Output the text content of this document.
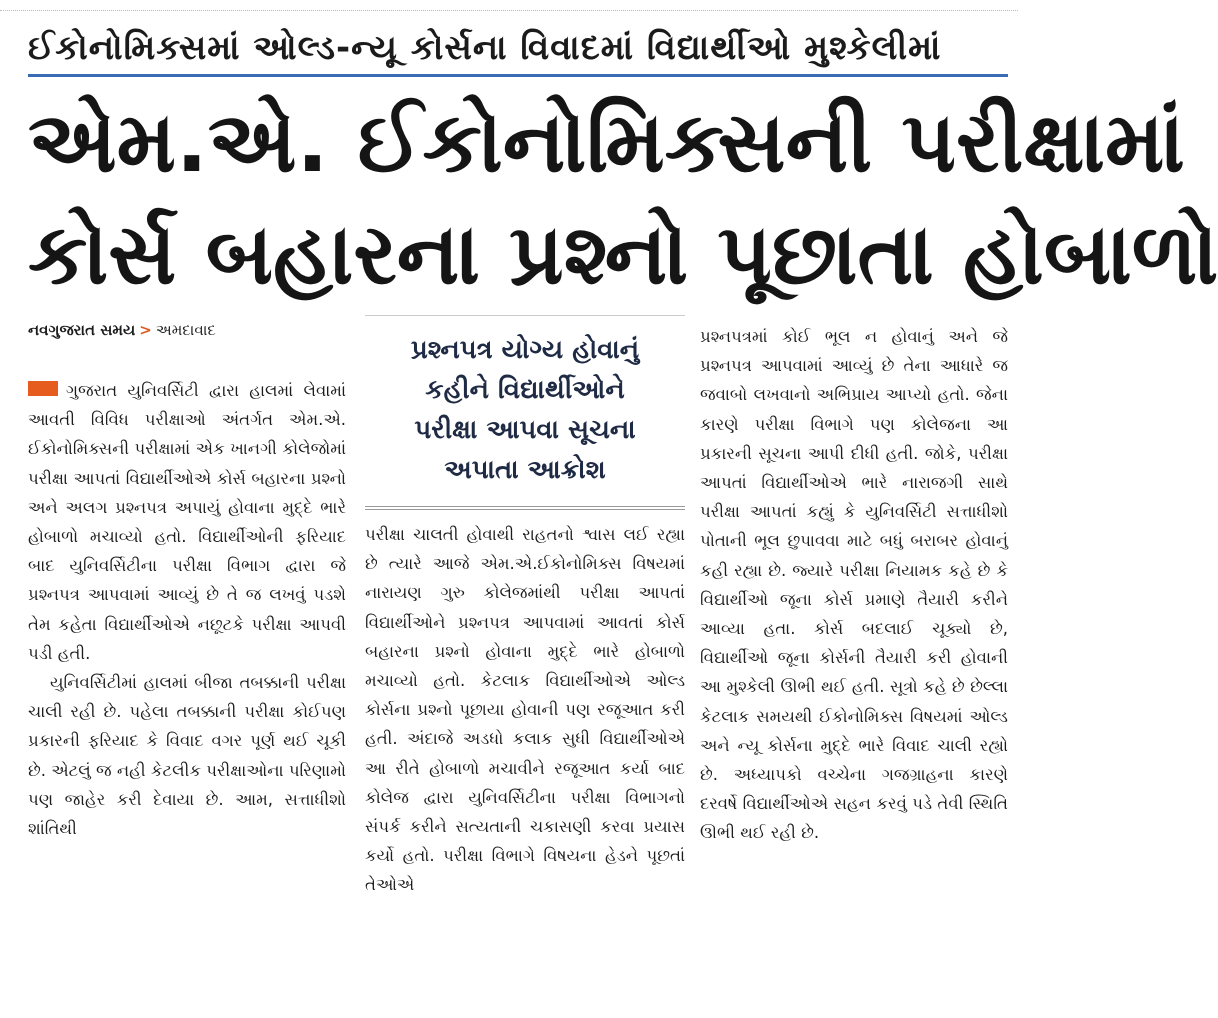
ઈકોનોમિક્સમાં ઓલ્ડ-ન્યૂ કોર્સના વિવાદમાં વિદ્યાર્થીઓ મુશ્કેલીમાં
એમ.એ. ઈકોનોમિક્સની પરીક્ષામાં
કોર્સ બહારના પ્રશ્નો પૂછાતા હોબાળો
નવગુજરાત સમય > અમદાવાદ

ગુજરાત યુનિવર્સિટી દ્વારા હાલમાં લેવામાં આવતી વિવિધ પરીક્ષાઓ અંતર્ગત એમ.એ. ઈકોનોમિક્સની પરીક્ષામાં એક ખાનગી કોલેજોમાં પરીક્ષા આપતાં વિદ્યાર્થીઓએ કોર્સ બહારના પ્રશ્નો અને અલગ પ્રશ્નપત્ર અપાયું હોવાના મુદ્દે ભારે હોબાળો મચાવ્યો હતો. વિદ્યાર્થીઓની ફરિયાદ બાદ યુનિવર્સિટીના પરીક્ષા વિભાગ દ્વારા જે પ્રશ્નપત્ર આપવામાં આવ્યું છે તે જ લખવું પડશે તેમ કહેતા વિદ્યાર્થીઓએ નછૂટકે પરીક્ષા આપવી પડી હતી.

યુનિવર્સિટીમાં હાલમાં બીજા તબક્કાની પરીક્ષા ચાલી રહી છે. પહેલા તબક્કાની પરીક્ષા કોઈપણ પ્રકારની ફરિયાદ કે વિવાદ વગર પૂર્ણ થઈ ચૂકી છે. એટલું જ નહી કેટલીક પરીક્ષાઓના પરિણામો પણ જાહેર કરી દેવાયા છે. આમ, સત્તાધીશો શાંતિથી

પ્રશ્નપત્ર યોગ્ય હોવાનું
કહીને વિદ્યાર્થીઓને
પરીક્ષા આપવા સૂચના
અપાતા આક્રોશ

પરીક્ષા ચાલતી હોવાથી રાહતનો શ્વાસ લઈ રહ્યા છે ત્યારે આજે એમ.એ.ઈકોનોમિક્સ વિષયમાં નારાયણ ગુરુ કોલેજમાંથી પરીક્ષા આપતાં વિદ્યાર્થીઓને પ્રશ્નપત્ર આપવામાં આવતાં કોર્સ બહારના પ્રશ્નો હોવાના મુદ્દે ભારે હોબાળો મચાવ્યો હતો. કેટલાક વિદ્યાર્થીઓએ ઓલ્ડ કોર્સના પ્રશ્નો પૂછાયા હોવાની પણ રજૂઆત કરી હતી. અંદાજે અડધો કલાક સુધી વિદ્યાર્થીઓએ આ રીતે હોબાળો મચાવીને રજૂઆત કર્યા બાદ કોલેજ દ્વારા યુનિવર્સિટીના પરીક્ષા વિભાગનો સંપર્ક કરીને સત્યતાની ચકાસણી કરવા પ્રયાસ કર્યો હતો. પરીક્ષા વિભાગે વિષયના હેડને પૂછતાં તેઓએ

પ્રશ્નપત્રમાં કોઈ ભૂલ ન હોવાનું અને જે પ્રશ્નપત્ર આપવામાં આવ્યું છે તેના આધારે જ જવાબો લખવાનો અભિપ્રાય આપ્યો હતો. જેના કારણે પરીક્ષા વિભાગે પણ કોલેજના આ પ્રકારની સૂચના આપી દીધી હતી. જોકે, પરીક્ષા આપતાં વિદ્યાર્થીઓએ ભારે નારાજગી સાથે પરીક્ષા આપતાં કહ્યું કે યુનિવર્સિટી સત્તાધીશો પોતાની ભૂલ છુપાવવા માટે બધું બરાબર હોવાનું કહી રહ્યા છે. જ્યારે પરીક્ષા નિયામક કહે છે કે વિદ્યાર્થીઓ જૂના કોર્સ પ્રમાણે તૈયારી કરીને આવ્યા હતા. કોર્સ બદલાઈ ચૂક્યો છે, વિદ્યાર્થીઓ જૂના કોર્સની તૈયારી કરી હોવાની આ મુશ્કેલી ઊભી થઈ હતી. સૂત્રો કહે છે છેલ્લા કેટલાક સમયથી ઈકોનોમિક્સ વિષયમાં ઓલ્ડ અને ન્યૂ કોર્સના મુદ્દે ભારે વિવાદ ચાલી રહ્યો છે. અધ્યાપકો વચ્ચેના ગજગ્રાહના કારણે દરવર્ષે વિદ્યાર્થીઓએ સહન કરવું પડે તેવી સ્થિતિ ઊભી થઈ રહી છે.
